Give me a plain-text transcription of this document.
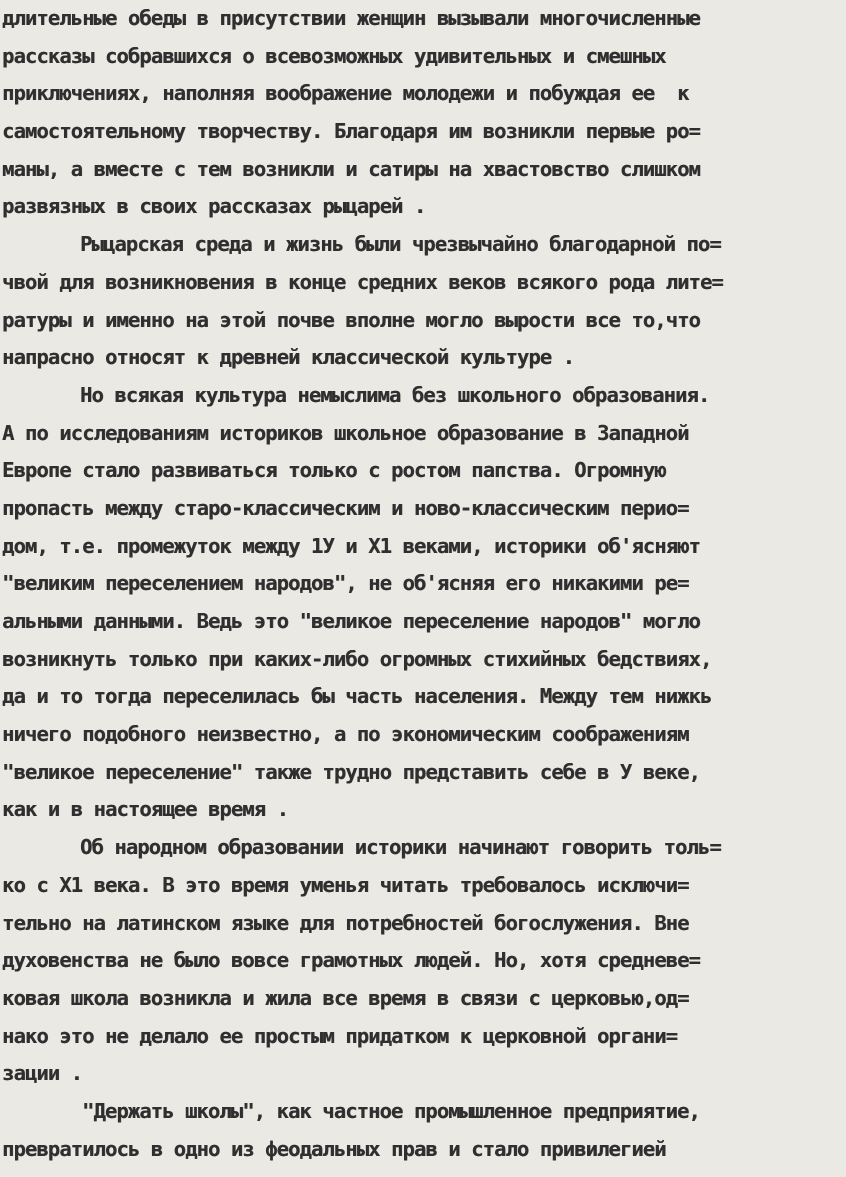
длительные обеды в присутствии женщин вызывали многочисленные
рассказы собравшихся о всевозможных удивительных и смешных
приключениях, наполняя воображение молодежи и побуждая ее  к
самостоятельному творчеству. Благодаря им возникли первые ро=
маны, а вместе с тем возникли и сатиры на хвастовство слишком
развязных в своих рассказах рыцарей .
Рыцарская среда и жизнь были чрезвычайно благодарной по=
чвой для возникновения в конце средних веков всякого рода лите=
ратуры и именно на этой почве вполне могло вырости все то,что
напрасно относят к древней классической культуре .
Но всякая культура немыслима без школьного образования.
А по исследованиям историков школьное образование в Западной
Европе стало развиваться только с ростом папства. Огромную
пропасть между старо-классическим и ново-классическим перио=
дом, т.е. промежуток между 1У и Х1 веками, историки об'ясняют
"великим переселением народов", не об'ясняя его никакими ре=
альными данными. Ведь это "великое переселение народов" могло
возникнуть только при каких-либо огромных стихийных бедствиях,
да и то тогда переселилась бы часть населения. Между тем нижкь
ничего подобного неизвестно, а по экономическим соображениям
"великое переселение" также трудно представить себе в У веке,
как и в настоящее время .
Об народном образовании историки начинают говорить толь=
ко с Х1 века. В это время уменья читать требовалось исключи=
тельно на латинском языке для потребностей богослужения. Вне
духовенства не было вовсе грамотных людей. Но, хотя средневе=
ковая школа возникла и жила все время в связи с церковью,од=
нако это не делало ее простым придатком к церковной органи=
зации .
"Держать школы", как частное промышленное предприятие,
превратилось в одно из феодальных прав и стало привилегией
